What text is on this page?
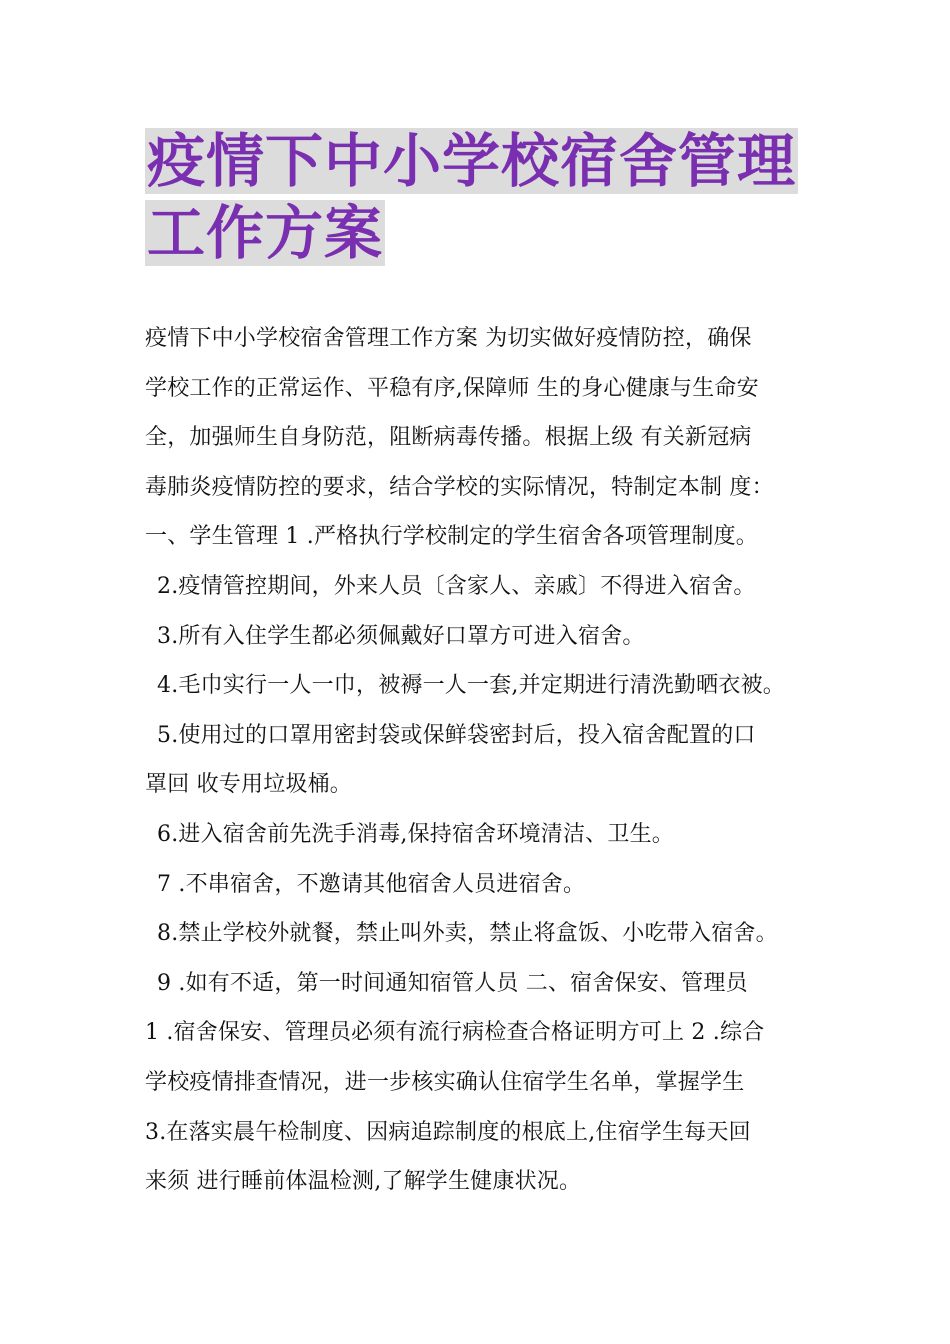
疫情下中小学校宿舍管理
工作方案
疫情下中小学校宿舍管理工作方案 为切实做好疫情防控，确保
学校工作的正常运作、平稳有序,保障师 生的身心健康与生命安
全，加强师生自身防范，阻断病毒传播。根据上级 有关新冠病
毒肺炎疫情防控的要求，结合学校的实际情况，特制定本制 度：
一、学生管理 1 .严格执行学校制定的学生宿舍各项管理制度。
2.疫情管控期间，外来人员〔含家人、亲戚〕不得进入宿舍。
3.所有入住学生都必须佩戴好口罩方可进入宿舍。
4.毛巾实行一人一巾，被褥一人一套,并定期进行清洗勤晒衣被。
5.使用过的口罩用密封袋或保鲜袋密封后，投入宿舍配置的口
罩回 收专用垃圾桶。
6.进入宿舍前先洗手消毒,保持宿舍环境清洁、卫生。
7 .不串宿舍，不邀请其他宿舍人员进宿舍。
8.禁止学校外就餐，禁止叫外卖，禁止将盒饭、小吃带入宿舍。
9 .如有不适，第一时间通知宿管人员 二、宿舍保安、管理员
1 .宿舍保安、管理员必须有流行病检查合格证明方可上 2 .综合
学校疫情排查情况，进一步核实确认住宿学生名单，掌握学生
3.在落实晨午检制度、因病追踪制度的根底上,住宿学生每天回
来须 进行睡前体温检测,了解学生健康状况。
